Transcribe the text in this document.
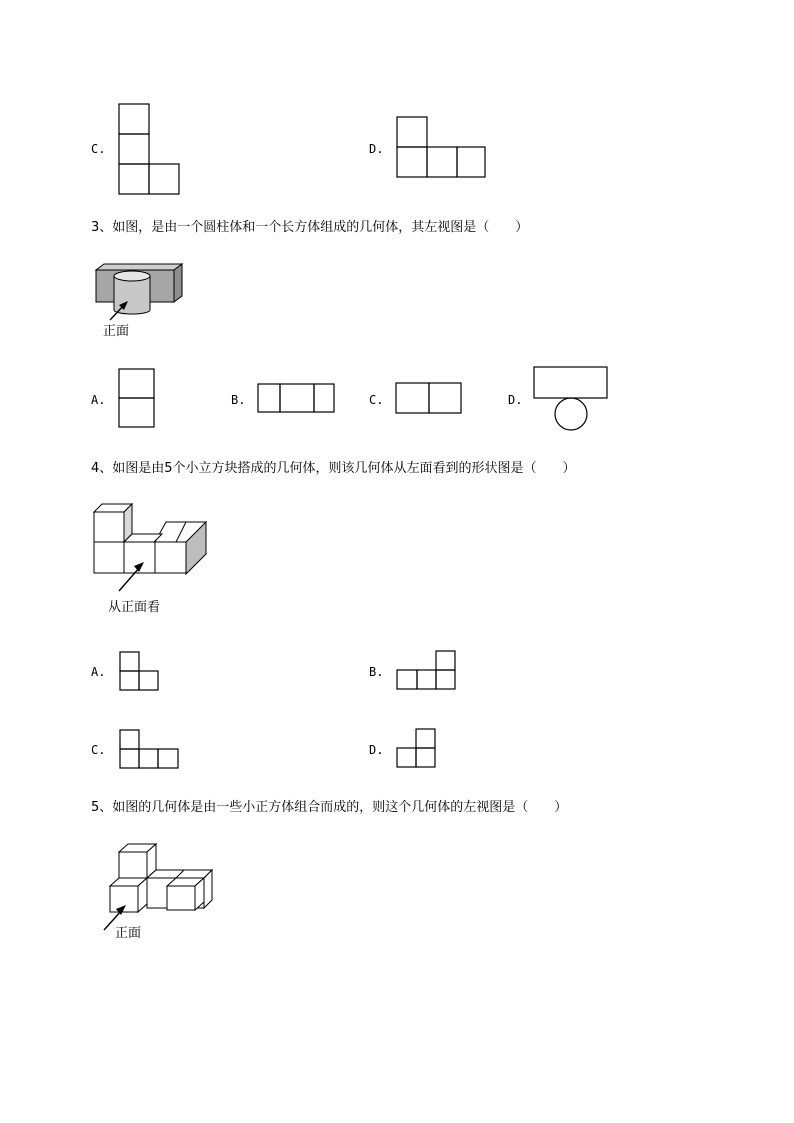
C.	D.
3、如图，是由一个圆柱体和一个长方体组成的几何体，其左视图是（　　）
正面
A.	B.	C.	D.
4、如图是由5个小立方块搭成的几何体，则该几何体从左面看到的形状图是（　　）
从正面看
A.	B.
C.	D.
5、如图的几何体是由一些小正方体组合而成的，则这个几何体的左视图是（　　）
正面
